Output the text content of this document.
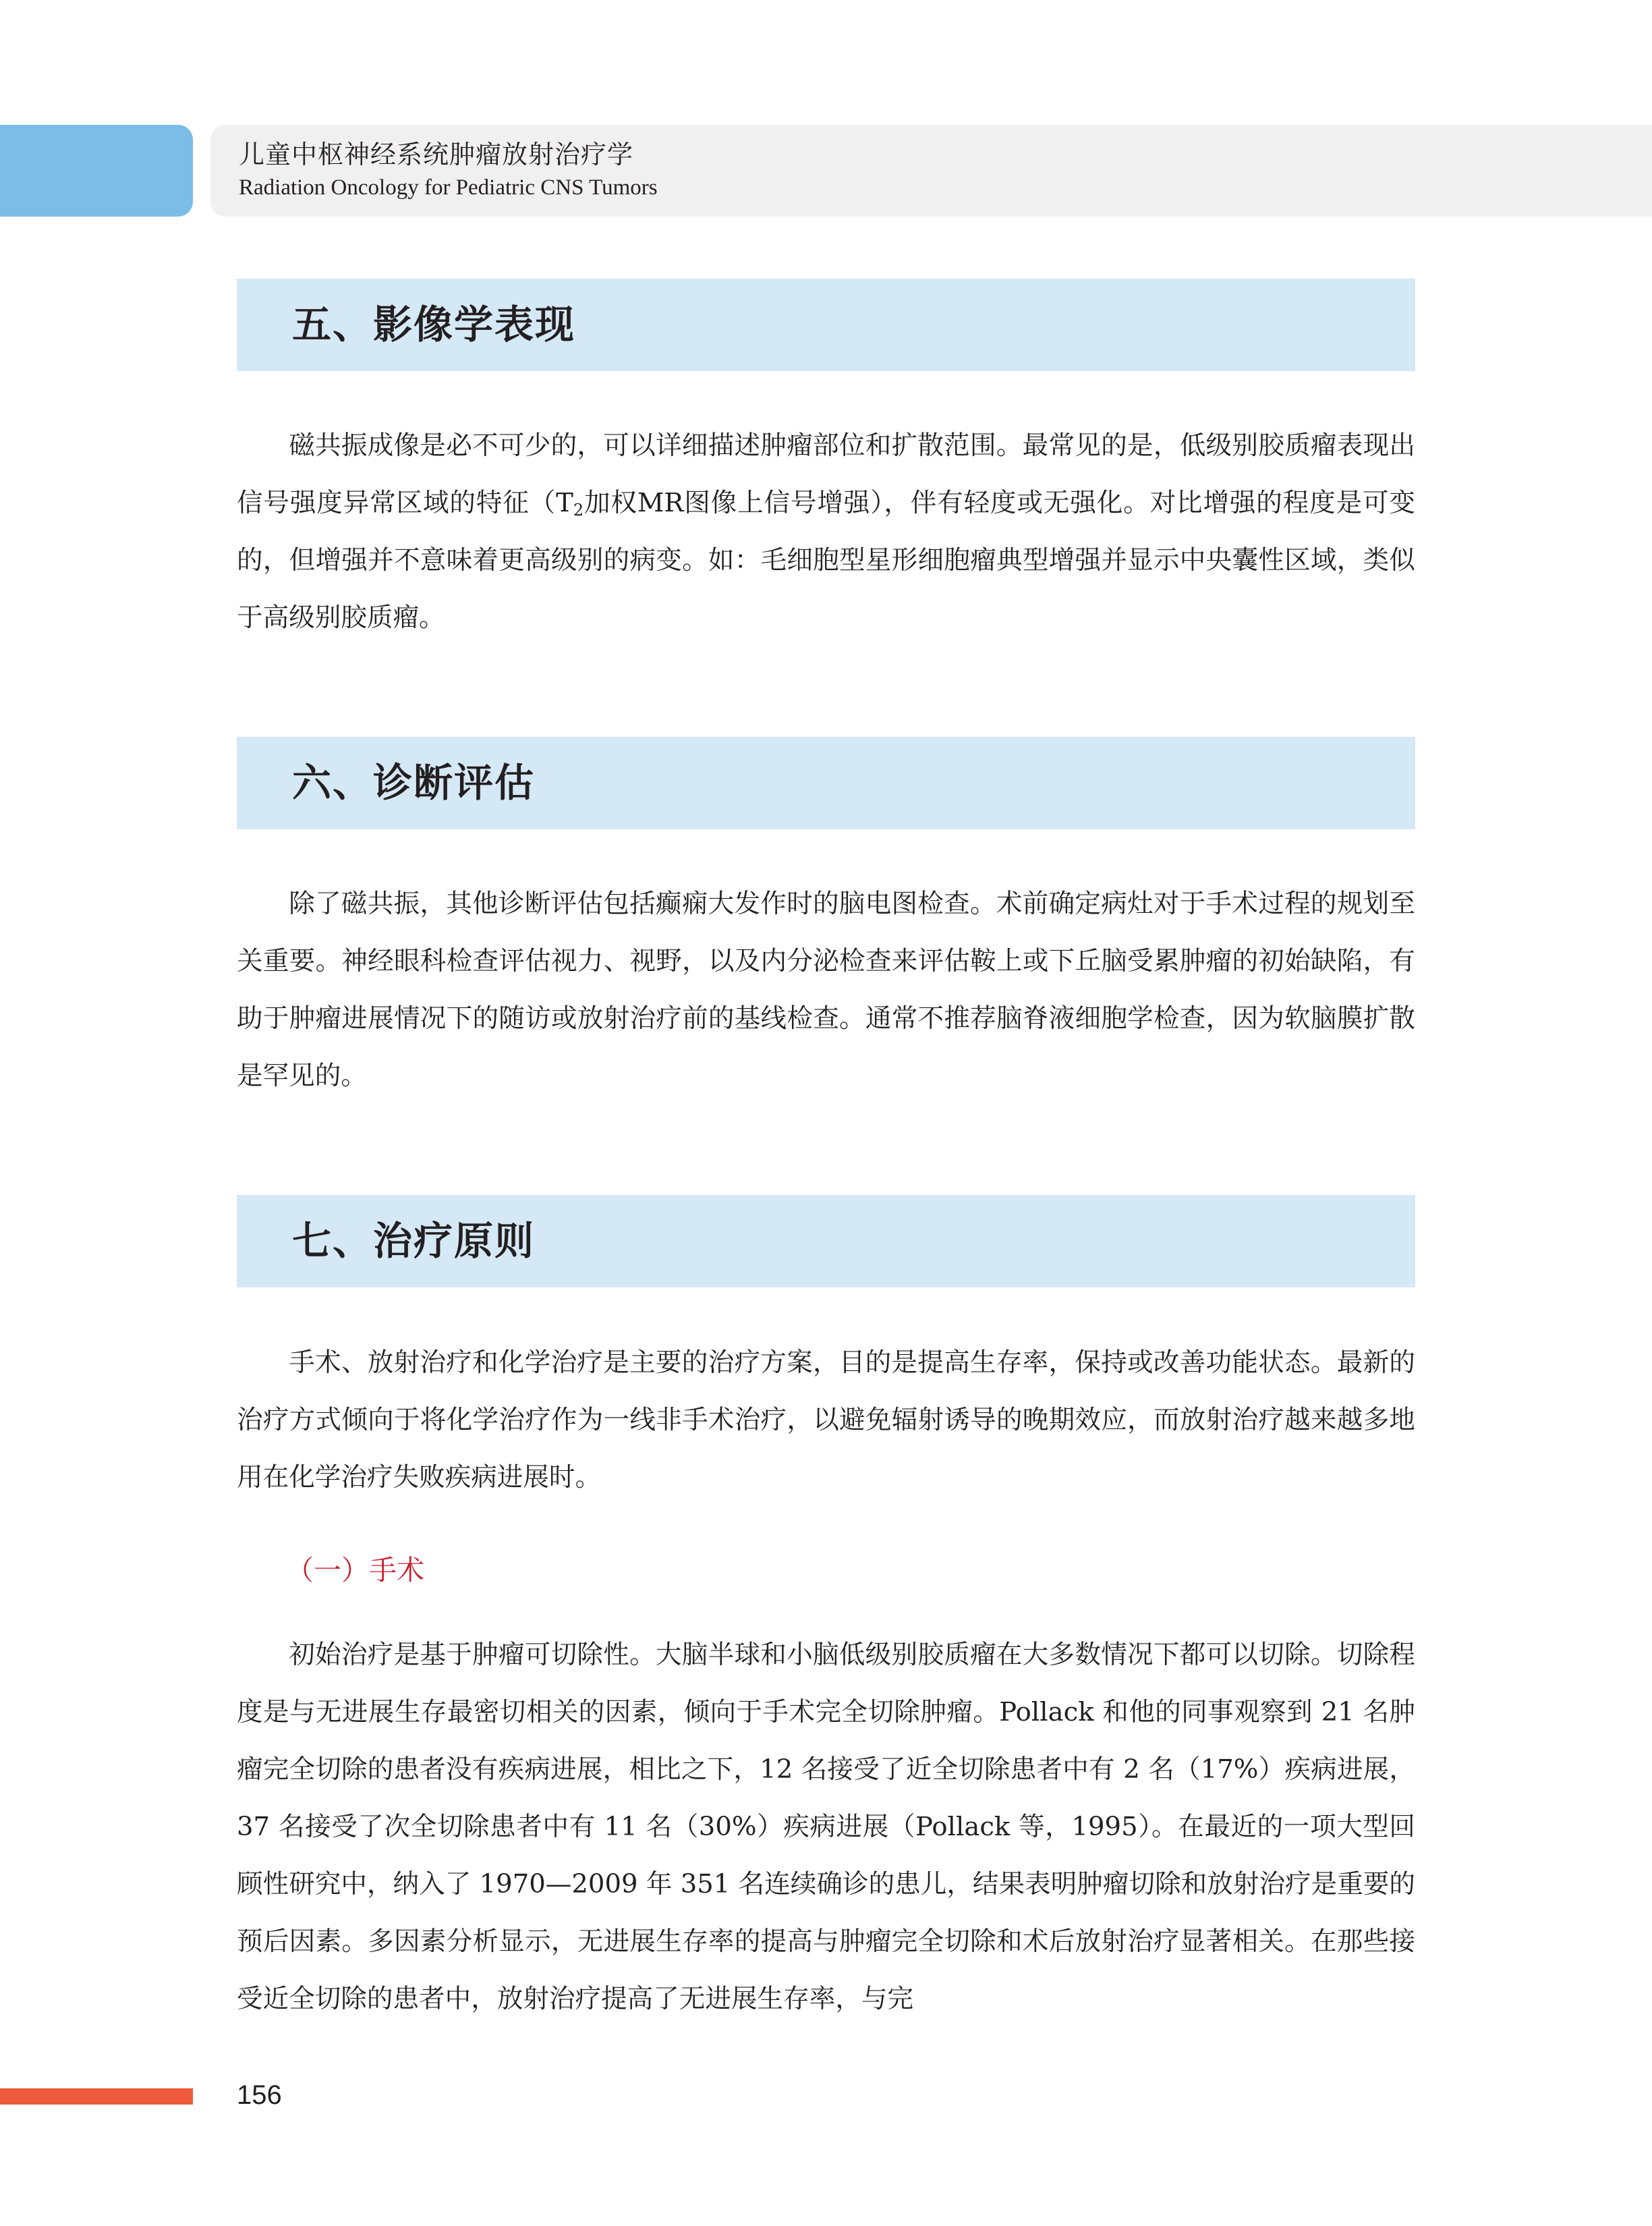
儿童中枢神经系统肿瘤放射治疗学
Radiation Oncology for Pediatric CNS Tumors
五、影像学表现

磁共振成像是必不可少的，可以详细描述肿瘤部位和扩散范围。最常见的是，低级别胶质瘤表现出信号强度异常区域的特征（$T_2$加权MR图像上信号增强），伴有轻度或无强化。对比增强的程度是可变的，但增强并不意味着更高级别的病变。如：毛细胞型星形细胞瘤典型增强并显示中央囊性区域，类似于高级别胶质瘤。

六、诊断评估

除了磁共振，其他诊断评估包括癫痫大发作时的脑电图检查。术前确定病灶对于手术过程的规划至关重要。神经眼科检查评估视力、视野，以及内分泌检查来评估鞍上或下丘脑受累肿瘤的初始缺陷，有助于肿瘤进展情况下的随访或放射治疗前的基线检查。通常不推荐脑脊液细胞学检查，因为软脑膜扩散是罕见的。

七、治疗原则

手术、放射治疗和化学治疗是主要的治疗方案，目的是提高生存率，保持或改善功能状态。最新的治疗方式倾向于将化学治疗作为一线非手术治疗，以避免辐射诱导的晚期效应，而放射治疗越来越多地用在化学治疗失败疾病进展时。

（一）手术

初始治疗是基于肿瘤可切除性。大脑半球和小脑低级别胶质瘤在大多数情况下都可以切除。切除程度是与无进展生存最密切相关的因素，倾向于手术完全切除肿瘤。Pollack 和他的同事观察到 21 名肿瘤完全切除的患者没有疾病进展，相比之下，12 名接受了近全切除患者中有 2 名（17%）疾病进展，37 名接受了次全切除患者中有 11 名（30%）疾病进展（Pollack 等，1995）。在最近的一项大型回顾性研究中，纳入了 1970—2009 年 351 名连续确诊的患儿，结果表明肿瘤切除和放射治疗是重要的预后因素。多因素分析显示，无进展生存率的提高与肿瘤完全切除和术后放射治疗显著相关。在那些接受近全切除的患者中，放射治疗提高了无进展生存率，与完

156
